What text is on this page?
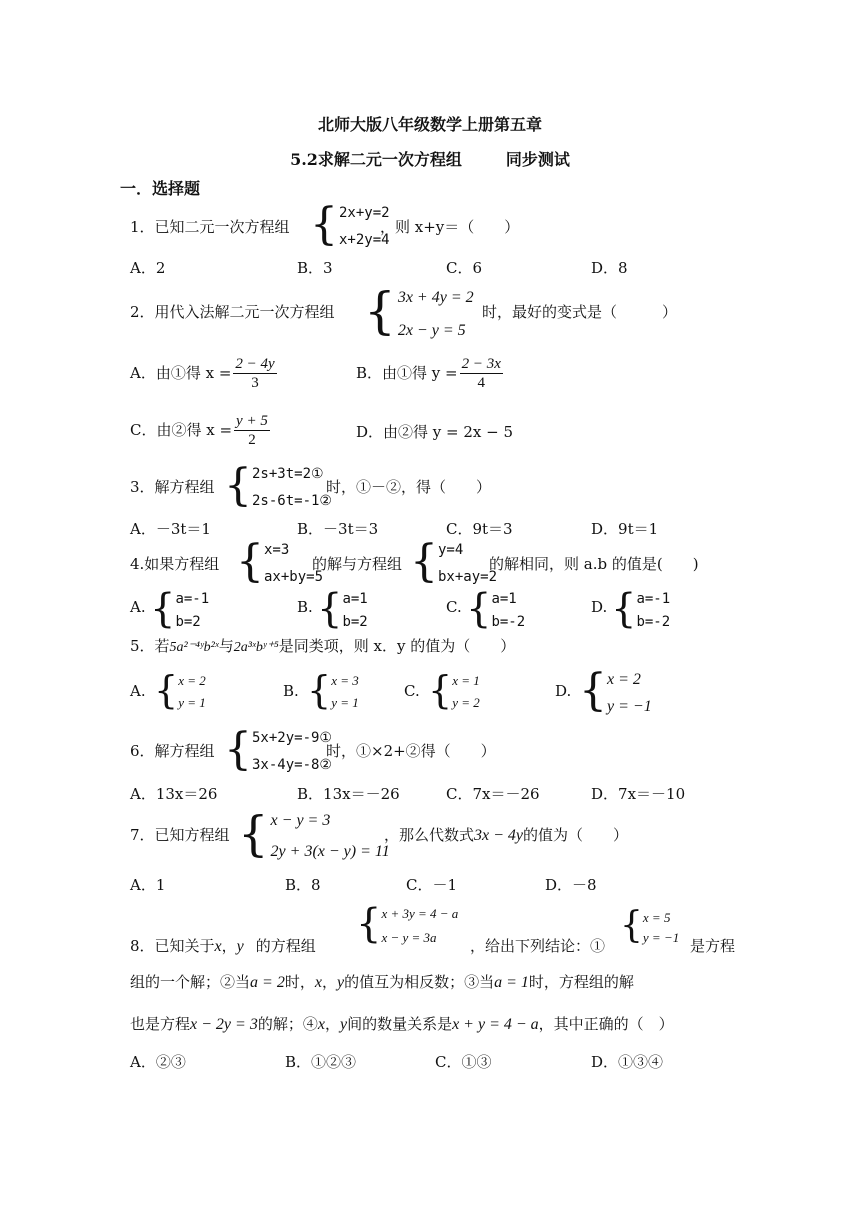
北师大版八年级数学上册第五章
5.2求解二元一次方程组	同步测试
一．选择题
1．已知二元一次方程组 { 2x+y=2
x+2y=4
，则 x+y＝（　　）
A．2	B．3	C．6	D．8
2．用代入法解二元一次方程组 { 3x + 4y = 2
2x − y = 5
时，最好的变式是（　　　）
A．由①得 $x = \frac{2 - 4y}{3}$	B．由①得 $y = \frac{2 - 3x}{4}$
C．由②得 $x = \frac{y + 5}{2}$	D．由②得 y = 2x − 5
3．解方程组 { 2s+3t=2①
2s-6t=-1②
时，①－②，得（　　）
A．－3t＝1	B．－3t＝3	C．9t＝3	D．9t＝1
4.如果方程组 { x=3
ax+by=5
的解与方程组 { y=4
bx+ay=2
的解相同，则 a.b 的值是(　　)
A. { a=-1
b=2
B. { a=1
b=2
C. { a=1
b=-2
D. { a=-1
b=-2
5．若5a²⁻⁴ʸb²ˣ与2a³ˣbʸ⁺⁵是同类项，则 x．y 的值为（　　）
A. { x = 2
y = 1
B. { x = 3
y = 1
C. { x = 1
y = 2
D. { x = 2
y = −1
6．解方程组 { 5x+2y=-9①
3x-4y=-8②
时，①×2+②得（　　）
A．13x＝26	B．13x＝－26	C．7x＝－26	D．7x＝－10
7．已知方程组 { x − y = 3
2y + 3(x − y) = 11
，那么代数式3x − 4y的值为（　　）
A．1	B．8	C．－1	D．－8
8．已知关于x，y 的方程组 { x + 3y = 4 − a
x − y = 3a	，给出下列结论：① { x = 5
y = −1 是方程
组的一个解；②当a = 2时，x，y的值互为相反数；③当a = 1时，方程组的解
也是方程x − 2y = 3的解；④x，y间的数量关系是x + y = 4 − a，其中正确的（　）
A．②③	B．①②③	C．①③	D．①③④
